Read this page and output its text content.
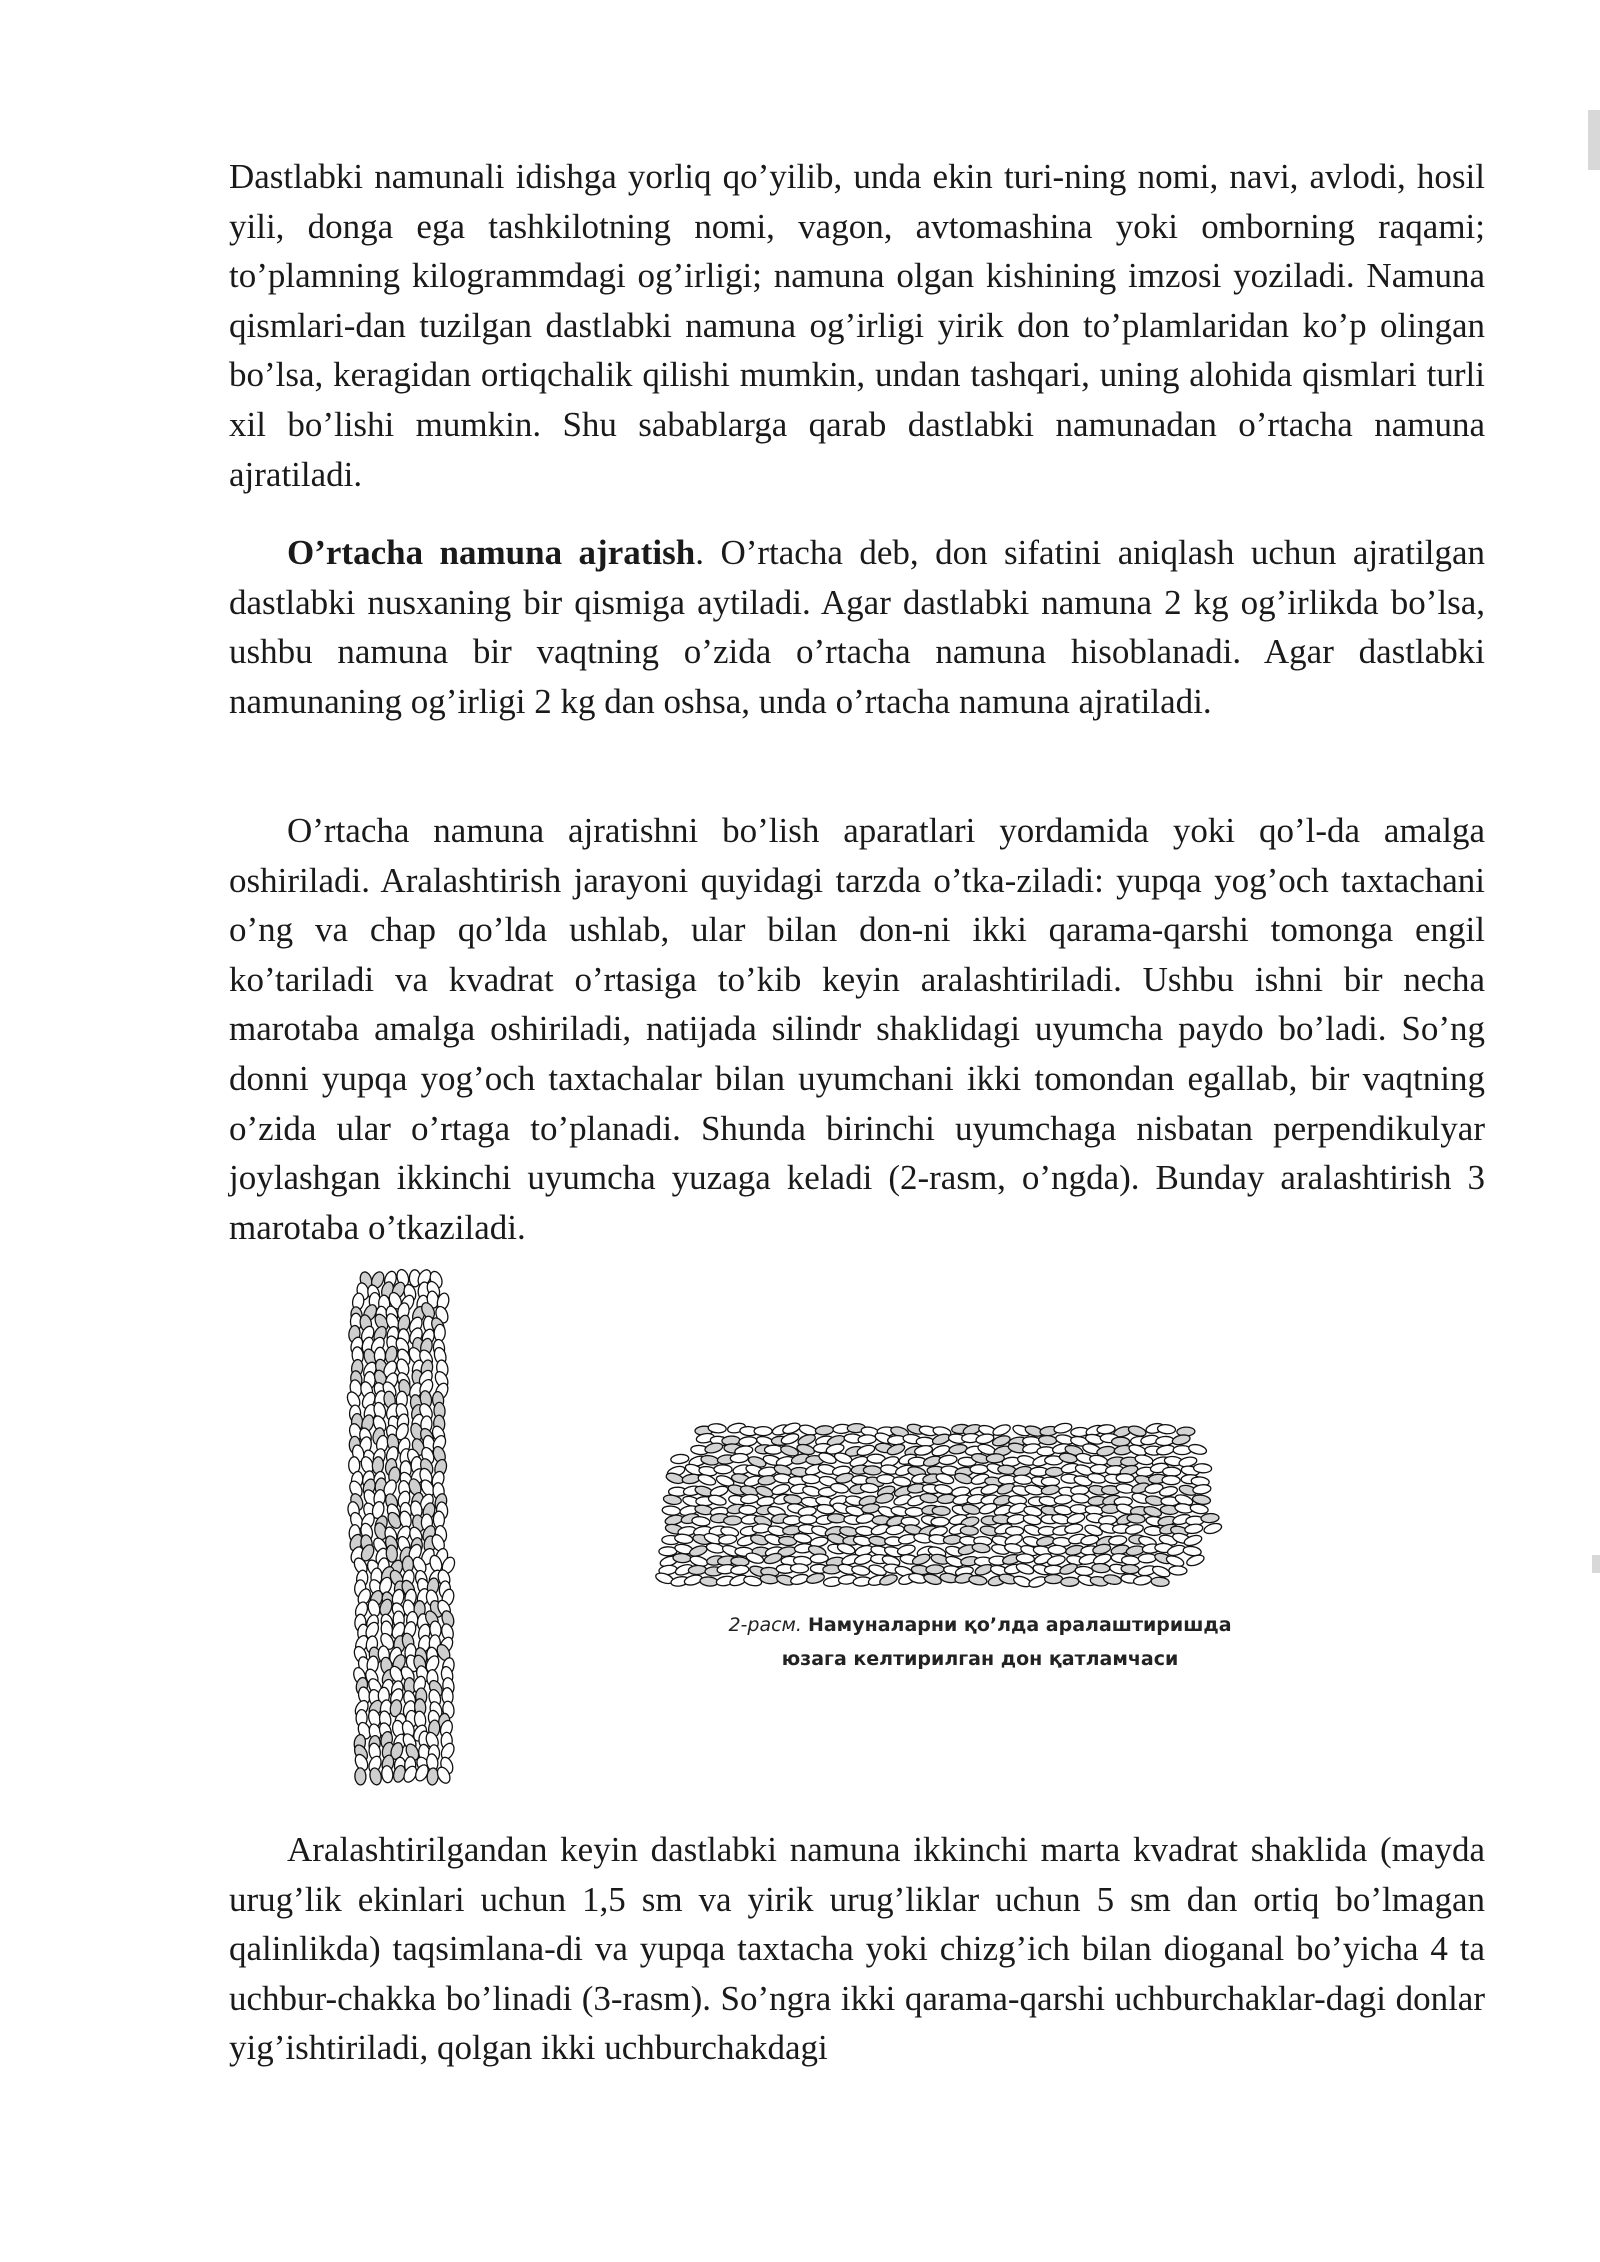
Dastlabki namunali idishga yorliq qo’yilib, unda ekin turi-ning nomi, navi, avlodi, hosil yili, donga ega tashkilotning nomi, vagon, avtomashina yoki omborning raqami; to’plamning kilogrammdagi og’irligi; namuna olgan kishining imzosi yoziladi. Namuna qismlari-dan tuzilgan dastlabki namuna og’irligi yirik don to’plamlaridan ko’p olingan bo’lsa, keragidan ortiqchalik qilishi mumkin, undan tashqari, uning alohida qismlari turli xil bo’lishi mumkin. Shu sabablarga qarab dastlabki namunadan o’rtacha namuna ajratiladi.

O’rtacha namuna ajratish. O’rtacha deb, don sifatini aniqlash uchun ajratilgan dastlabki nusxaning bir qismiga aytiladi. Agar dastlabki namuna 2 kg og’irlikda bo’lsa, ushbu namuna bir vaqtning o’zida o’rtacha namuna hisoblanadi. Agar dastlabki namunaning og’irligi 2 kg dan oshsa, unda o’rtacha namuna ajratiladi.

O’rtacha namuna ajratishni bo’lish aparatlari yordamida yoki qo’l-da amalga oshiriladi. Aralashtirish jarayoni quyidagi tarzda o’tka-ziladi: yupqa yog’och taxtachani o’ng va chap qo’lda ushlab, ular bilan don-ni ikki qarama-qarshi tomonga engil ko’tariladi va kvadrat o’rtasiga to’kib keyin aralashtiriladi. Ushbu ishni bir necha marotaba amalga oshiriladi, natijada silindr shaklidagi uyumcha paydo bo’ladi. So’ng donni yupqa yog’och taxtachalar bilan uyumchani ikki tomondan egallab, bir vaqtning o’zida ular o’rtaga to’planadi. Shunda birinchi uyumchaga nisbatan perpendikulyar joylashgan ikkinchi uyumcha yuzaga keladi (2-rasm, o’ngda). Bunday aralashtirish 3 marotaba o’tkaziladi.

2-расм. Намуналарни қо’лда аралаштиришда
юзага келтирилган дон қатламчаси

Aralashtirilgandan keyin dastlabki namuna ikkinchi marta kvadrat shaklida (mayda urug’lik ekinlari uchun 1,5 sm va yirik urug’liklar uchun 5 sm dan ortiq bo’lmagan qalinlikda) taqsimlana-di va yupqa taxtacha yoki chizg’ich bilan dioganal bo’yicha 4 ta uchbur-chakka bo’linadi (3-rasm). So’ngra ikki qarama-qarshi uchburchaklar-dagi donlar yig’ishtiriladi, qolgan ikki uchburchakdagi
